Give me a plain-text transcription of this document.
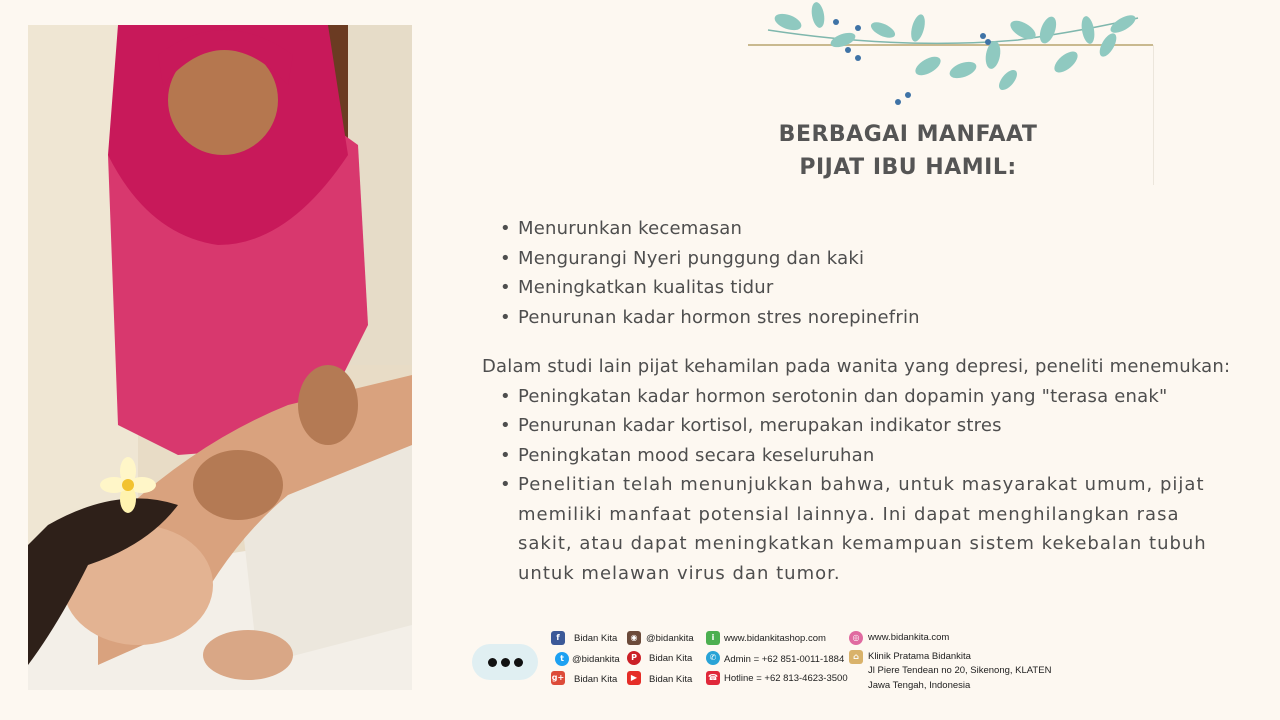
BERBAGAI MANFAAT
PIJAT IBU HAMIL:
• Menurunkan kecemasan
• Mengurangi Nyeri punggung dan kaki
• Meningkatkan kualitas tidur
• Penurunan kadar hormon stres norepinefrin
Dalam studi lain pijat kehamilan pada wanita yang depresi, peneliti menemukan:
• Peningkatan kadar hormon serotonin dan dopamin yang "terasa enak"
• Penurunan kadar kortisol, merupakan indikator stres
• Peningkatan mood secara keseluruhan
• Penelitian telah menunjukkan bahwa, untuk masyarakat umum, pijat memiliki manfaat potensial lainnya. Ini dapat menghilangkan rasa sakit, atau dapat meningkatkan kemampuan sistem kekebalan tubuh untuk melawan virus dan tumor.
f	Bidan Kita	◉ @bidankita	i	www.bidankitashop.com	◎ www.bidankita.com
t @bidankita	P	Bidan Kita	✆ Admin = +62 851-0011-1884	⌂ Klinik Pratama Bidankita
Jl Piere Tendean no 20, Sikenong, KLATEN
Jawa Tengah, Indonesia
g+ Bidan Kita	▶	Bidan Kita ☎ Hotline = +62 813-4623-3500
